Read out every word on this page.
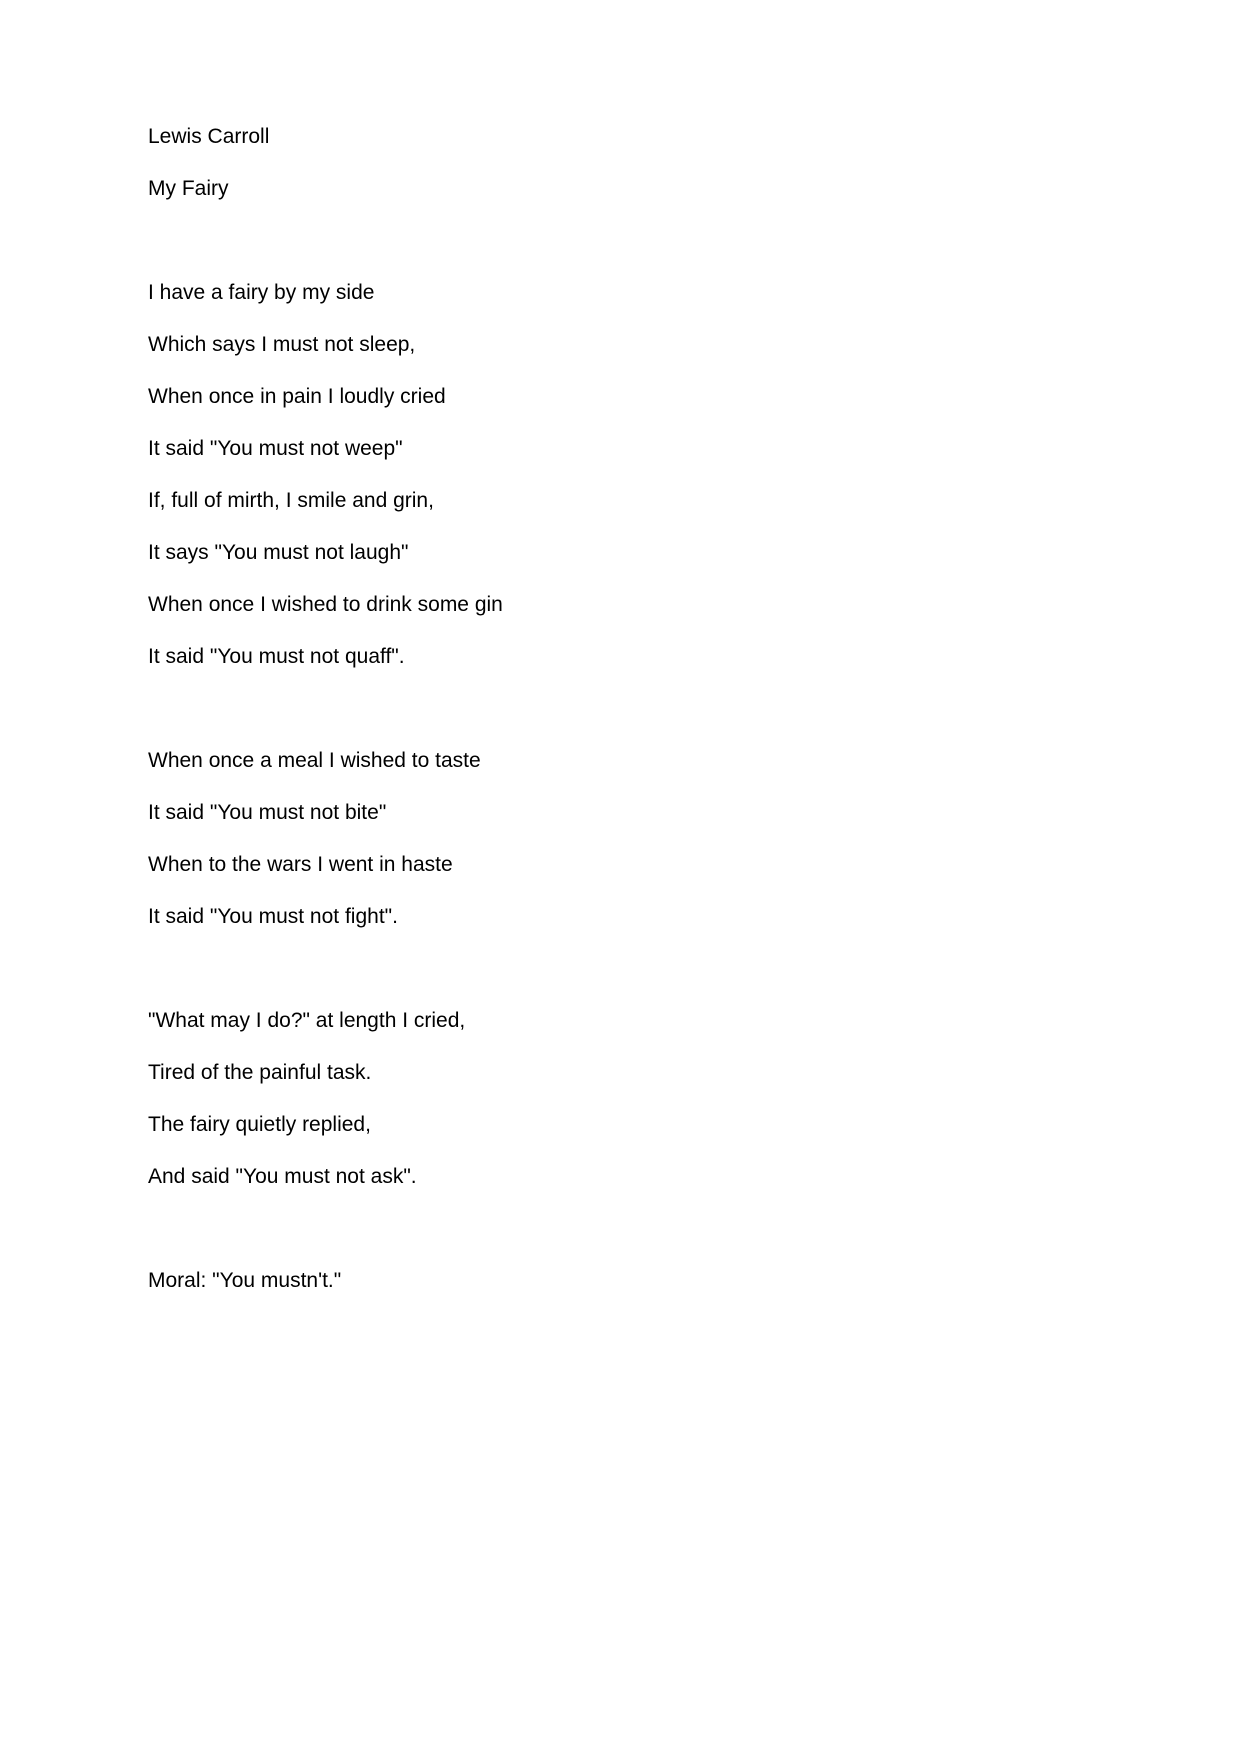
Lewis Carroll
My Fairy
I have a fairy by my side
Which says I must not sleep,
When once in pain I loudly cried
It said "You must not weep"
If, full of mirth, I smile and grin,
It says "You must not laugh"
When once I wished to drink some gin
It said "You must not quaff".
When once a meal I wished to taste
It said "You must not bite"
When to the wars I went in haste
It said "You must not fight".
"What may I do?" at length I cried,
Tired of the painful task.
The fairy quietly replied,
And said "You must not ask".
Moral: "You mustn't."
